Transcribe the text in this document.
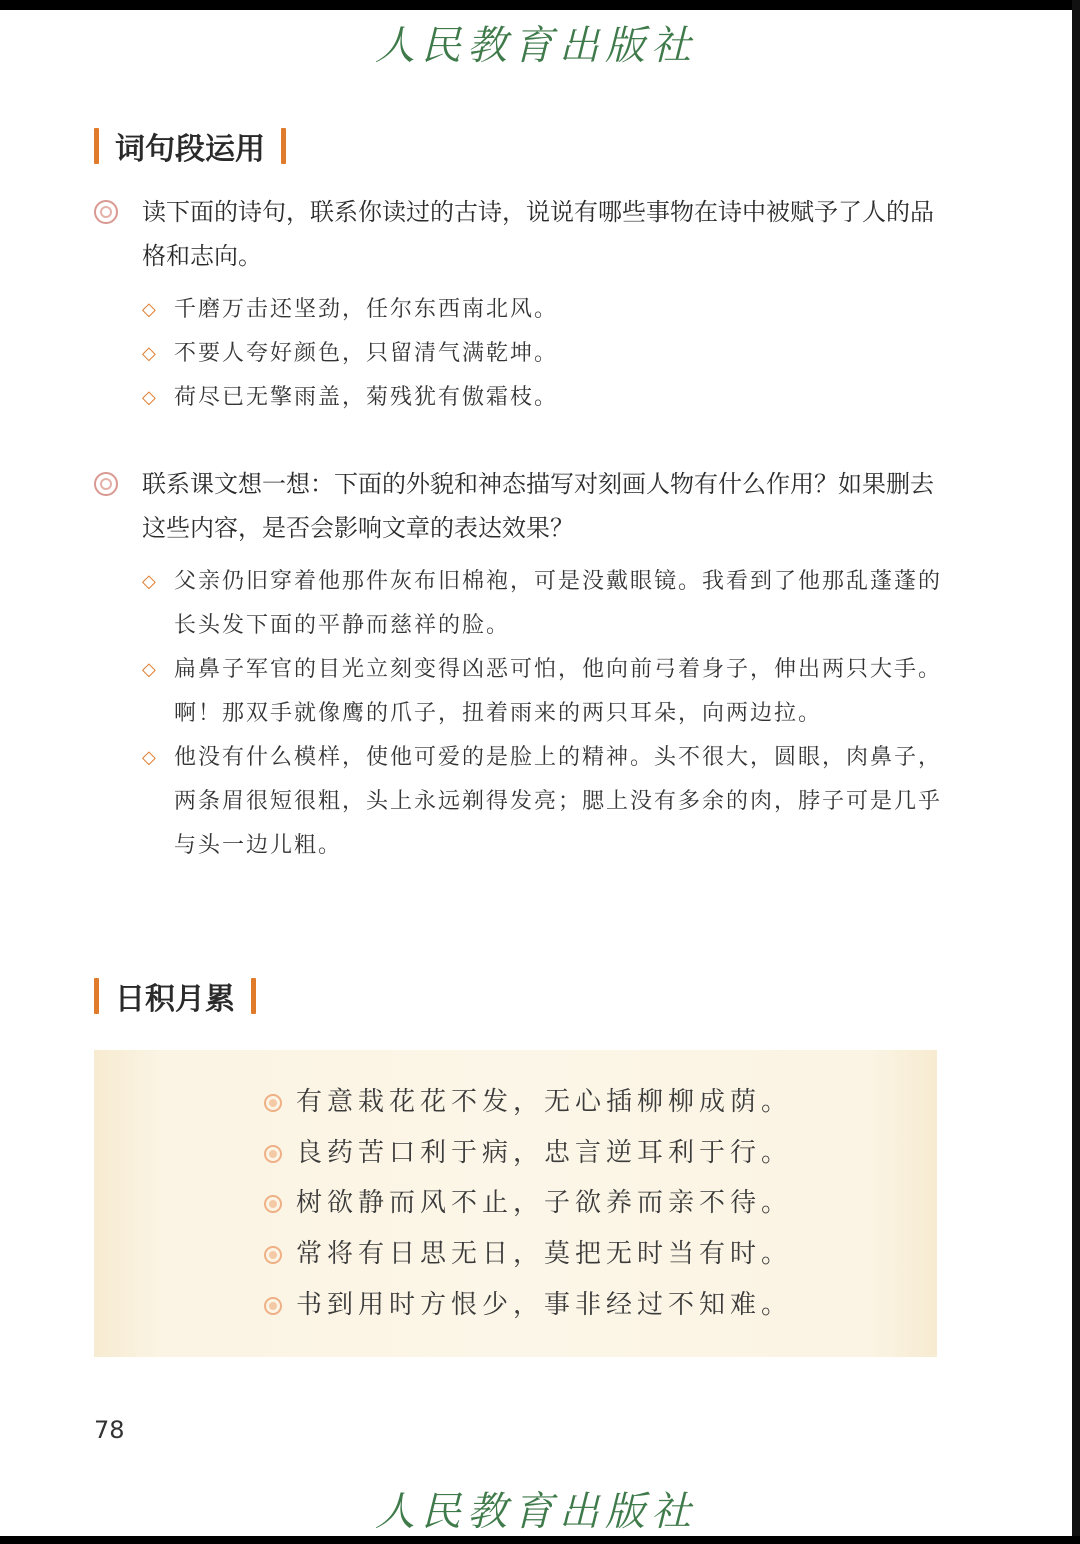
人民教育出版社
词句段运用
读下面的诗句，联系你读过的古诗，说说有哪些事物在诗中被赋予了人的品格和志向。
◇ 千磨万击还坚劲，任尔东西南北风。
◇ 不要人夸好颜色，只留清气满乾坤。
◇ 荷尽已无擎雨盖，菊残犹有傲霜枝。
联系课文想一想：下面的外貌和神态描写对刻画人物有什么作用？如果删去这些内容，是否会影响文章的表达效果？
◇ 父亲仍旧穿着他那件灰布旧棉袍，可是没戴眼镜。我看到了他那乱蓬蓬的长头发下面的平静而慈祥的脸。
◇ 扁鼻子军官的目光立刻变得凶恶可怕，他向前弓着身子，伸出两只大手。啊！那双手就像鹰的爪子，扭着雨来的两只耳朵，向两边拉。
◇ 他没有什么模样，使他可爱的是脸上的精神。头不很大，圆眼，肉鼻子，两条眉很短很粗，头上永远剃得发亮；腮上没有多余的肉，脖子可是几乎与头一边儿粗。
日积月累
有意栽花花不发，无心插柳柳成荫。
良药苦口利于病，忠言逆耳利于行。
树欲静而风不止，子欲养而亲不待。
常将有日思无日，莫把无时当有时。
书到用时方恨少，事非经过不知难。
78
人民教育出版社
